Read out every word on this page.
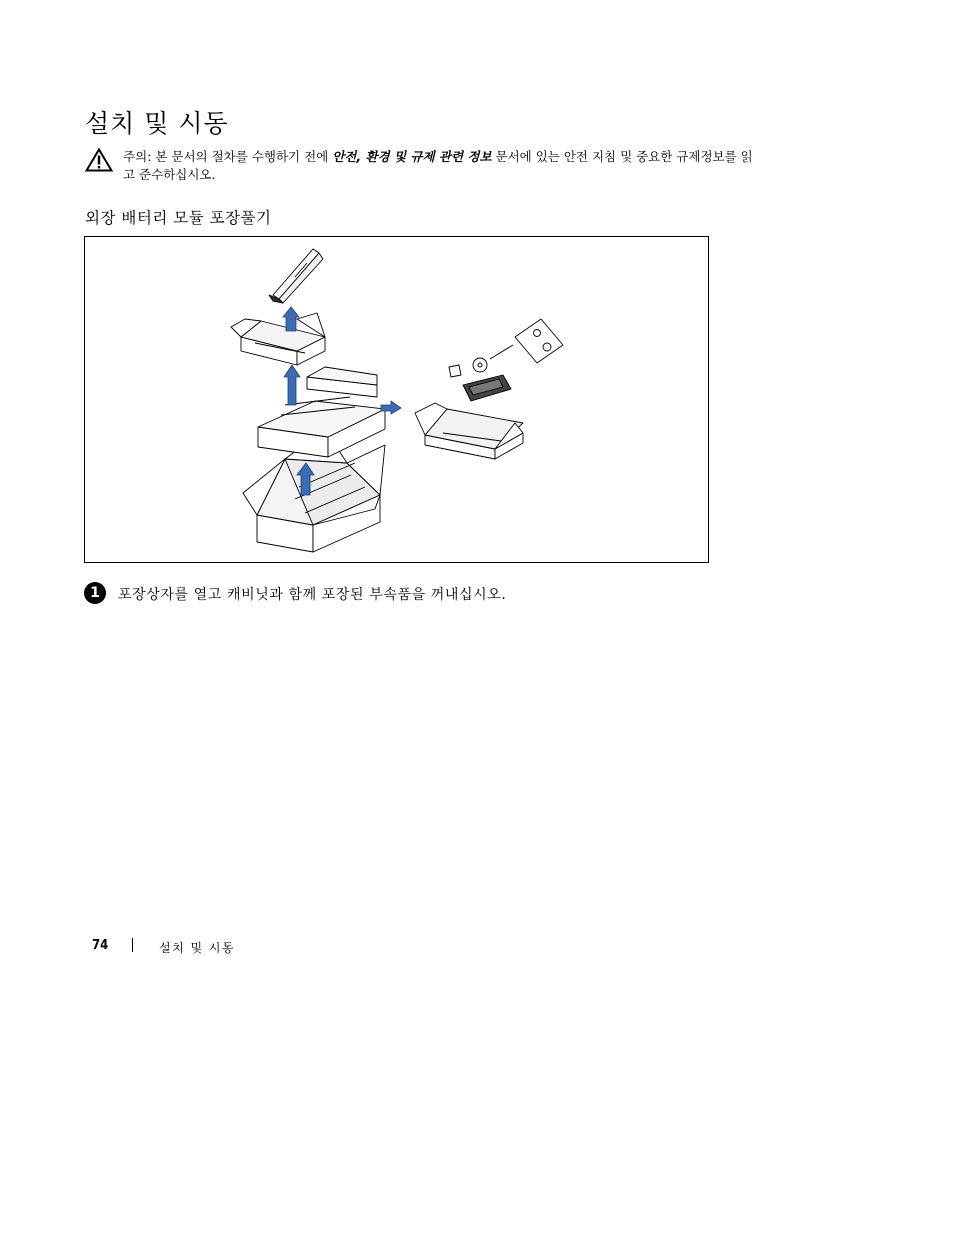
설치 및 시동
주의: 본 문서의 절차를 수행하기 전에 안전, 환경 및 규제 관련 정보 문서에 있는 안전 지침 및 중요한 규제정보를 읽고 준수하십시오.
외장 배터리 모듈 포장풀기
1	포장상자를 열고 캐비닛과 함께 포장된 부속품을 꺼내십시오.
74	설치 및 시동
